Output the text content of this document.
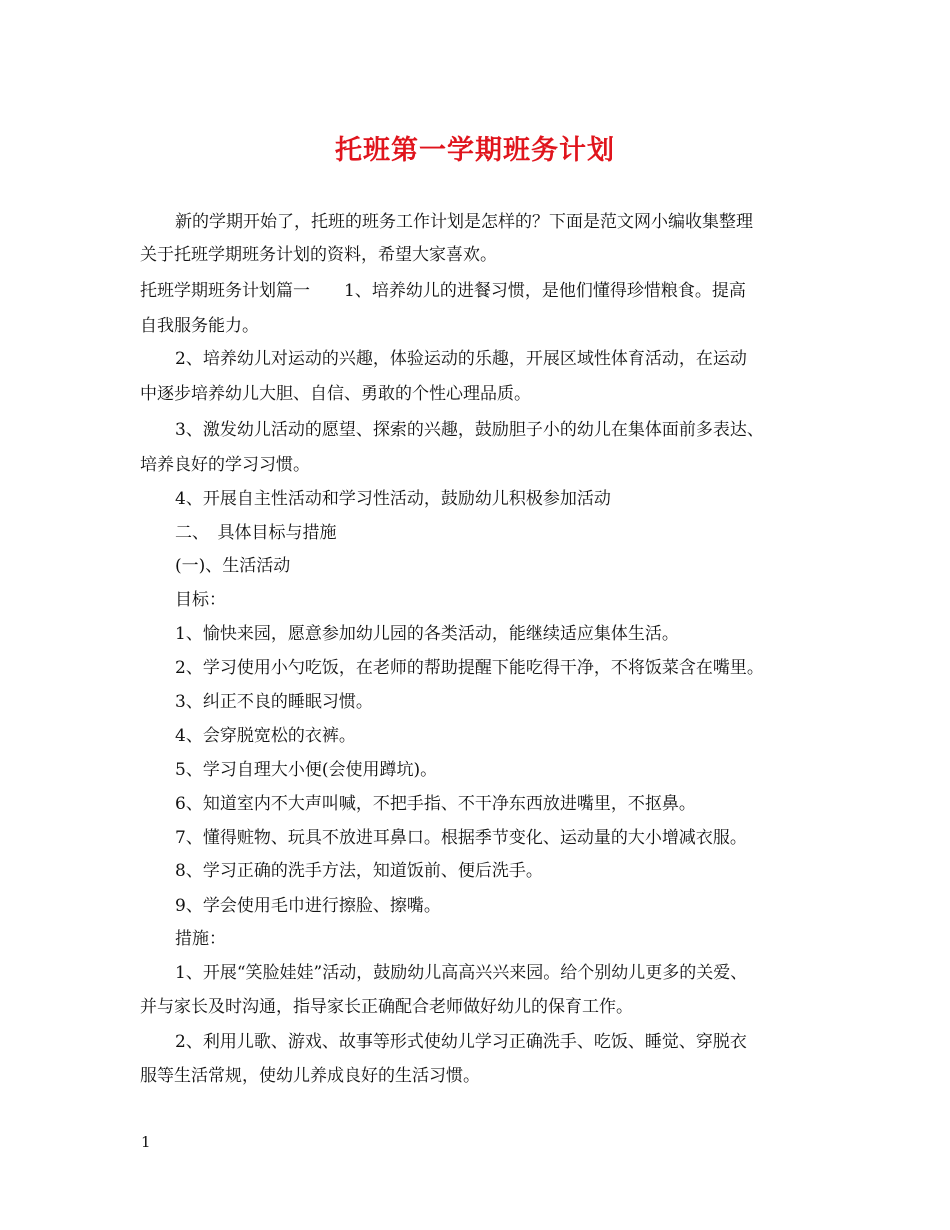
托班第一学期班务计划
新的学期开始了，托班的班务工作计划是怎样的？下面是范文网小编收集整理
关于托班学期班务计划的资料，希望大家喜欢。
托班学期班务计划篇一　　1、培养幼儿的进餐习惯，是他们懂得珍惜粮食。提高
自我服务能力。
2、培养幼儿对运动的兴趣，体验运动的乐趣，开展区域性体育活动，在运动
中逐步培养幼儿大胆、自信、勇敢的个性心理品质。
3、激发幼儿活动的愿望、探索的兴趣，鼓励胆子小的幼儿在集体面前多表达、
培养良好的学习习惯。
4、开展自主性活动和学习性活动，鼓励幼儿积极参加活动
二、　具体目标与措施
(一)、生活活动
目标：
1、愉快来园，愿意参加幼儿园的各类活动，能继续适应集体生活。
2、学习使用小勺吃饭，在老师的帮助提醒下能吃得干净，不将饭菜含在嘴里。
3、纠正不良的睡眠习惯。
4、会穿脱宽松的衣裤。
5、学习自理大小便(会使用蹲坑)。
6、知道室内不大声叫喊，不把手指、不干净东西放进嘴里，不抠鼻。
7、懂得赃物、玩具不放进耳鼻口。根据季节变化、运动量的大小增减衣服。
8、学习正确的洗手方法，知道饭前、便后洗手。
9、学会使用毛巾进行擦脸、擦嘴。
措施：
1、开展“笑脸娃娃”活动，鼓励幼儿高高兴兴来园。给个别幼儿更多的关爱、
并与家长及时沟通，指导家长正确配合老师做好幼儿的保育工作。
2、利用儿歌、游戏、故事等形式使幼儿学习正确洗手、吃饭、睡觉、穿脱衣
服等生活常规，使幼儿养成良好的生活习惯。
1
